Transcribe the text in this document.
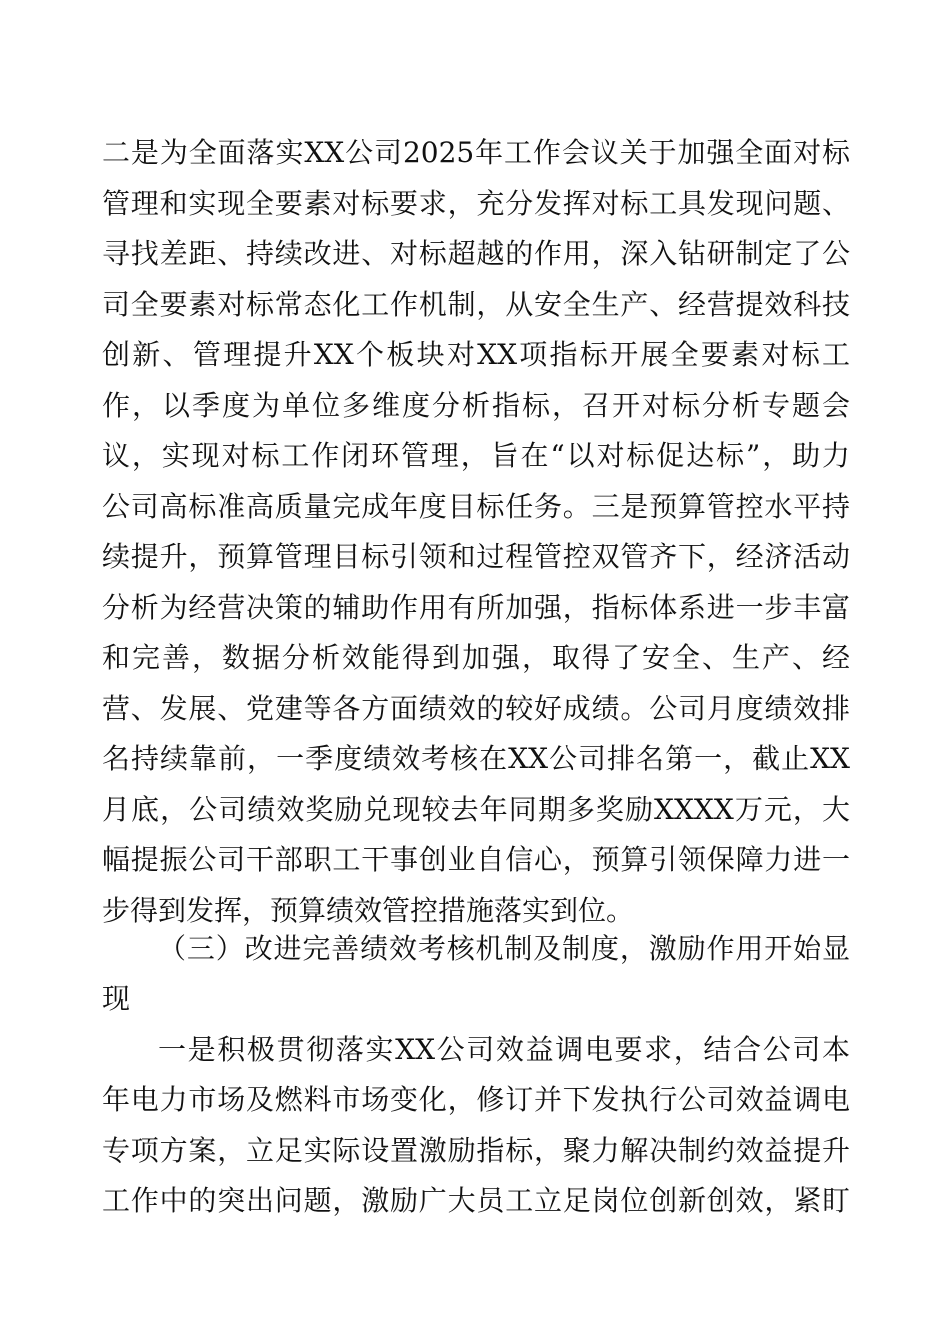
二是为全面落实XX公司2025年工作会议关于加强全面对标
管理和实现全要素对标要求，充分发挥对标工具发现问题、
寻找差距、持续改进、对标超越的作用，深入钻研制定了公
司全要素对标常态化工作机制，从安全生产、经营提效科技
创新、管理提升XX个板块对XX项指标开展全要素对标工
作，以季度为单位多维度分析指标，召开对标分析专题会
议，实现对标工作闭环管理，旨在“以对标促达标”，助力
公司高标准高质量完成年度目标任务。三是预算管控水平持
续提升，预算管理目标引领和过程管控双管齐下，经济活动
分析为经营决策的辅助作用有所加强，指标体系进一步丰富
和完善，数据分析效能得到加强，取得了安全、生产、经
营、发展、党建等各方面绩效的较好成绩。公司月度绩效排
名持续靠前，一季度绩效考核在XX公司排名第一，截止XX
月底，公司绩效奖励兑现较去年同期多奖励XXXX万元，大
幅提振公司干部职工干事创业自信心，预算引领保障力进一
步得到发挥，预算绩效管控措施落实到位。
（三）改进完善绩效考核机制及制度，激励作用开始显
现
一是积极贯彻落实XX公司效益调电要求，结合公司本
年电力市场及燃料市场变化，修订并下发执行公司效益调电
专项方案，立足实际设置激励指标，聚力解决制约效益提升
工作中的突出问题，激励广大员工立足岗位创新创效，紧盯
